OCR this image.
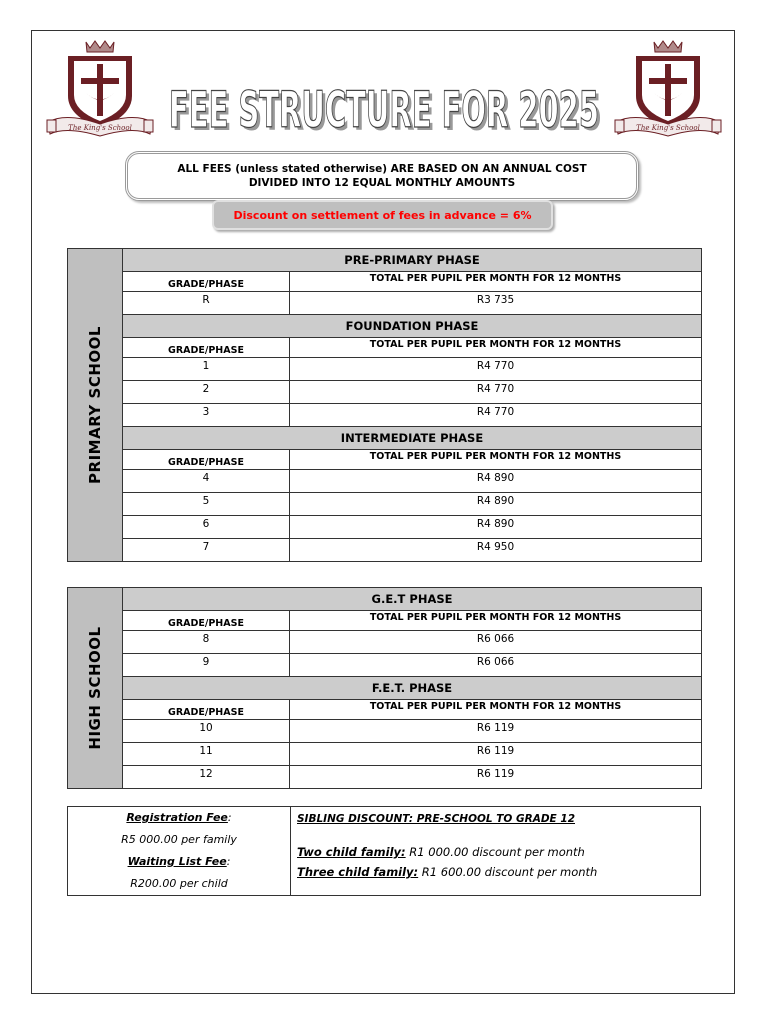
The King's School	The King's School
FEE STRUCTURE FOR 2025
FEE STRUCTURE FOR 2025
ALL FEES (unless stated otherwise) ARE BASED ON AN ANNUAL COST DIVIDED INTO 12 EQUAL MONTHLY AMOUNTS
Discount on settlement of fees in advance = 6%
PRIMARY SCHOOL	PRE-PRIMARY PHASE	
	GRADE/PHASE	TOTAL PER PUPIL PER MONTH FOR 12 MONTHS
	R	R3 735
	FOUNDATION PHASE	
	GRADE/PHASE	TOTAL PER PUPIL PER MONTH FOR 12 MONTHS
	1	R4 770
	2	R4 770
	3	R4 770
	INTERMEDIATE PHASE	
	GRADE/PHASE	TOTAL PER PUPIL PER MONTH FOR 12 MONTHS
	4	R4 890
	5	R4 890
	6	R4 890
	7	R4 950
HIGH SCHOOL	G.E.T PHASE	
	GRADE/PHASE	TOTAL PER PUPIL PER MONTH FOR 12 MONTHS
	8	R6 066
	9	R6 066
	F.E.T. PHASE	
	GRADE/PHASE	TOTAL PER PUPIL PER MONTH FOR 12 MONTHS
	10	R6 119
	11	R6 119
	12	R6 119
Registration Fee:
R5 000.00 per family
Waiting List Fee:
R200.00 per child
SIBLING DISCOUNT: PRE-SCHOOL TO GRADE 12
Two child family: R1 000.00 discount per month
Three child family: R1 600.00 discount per month
